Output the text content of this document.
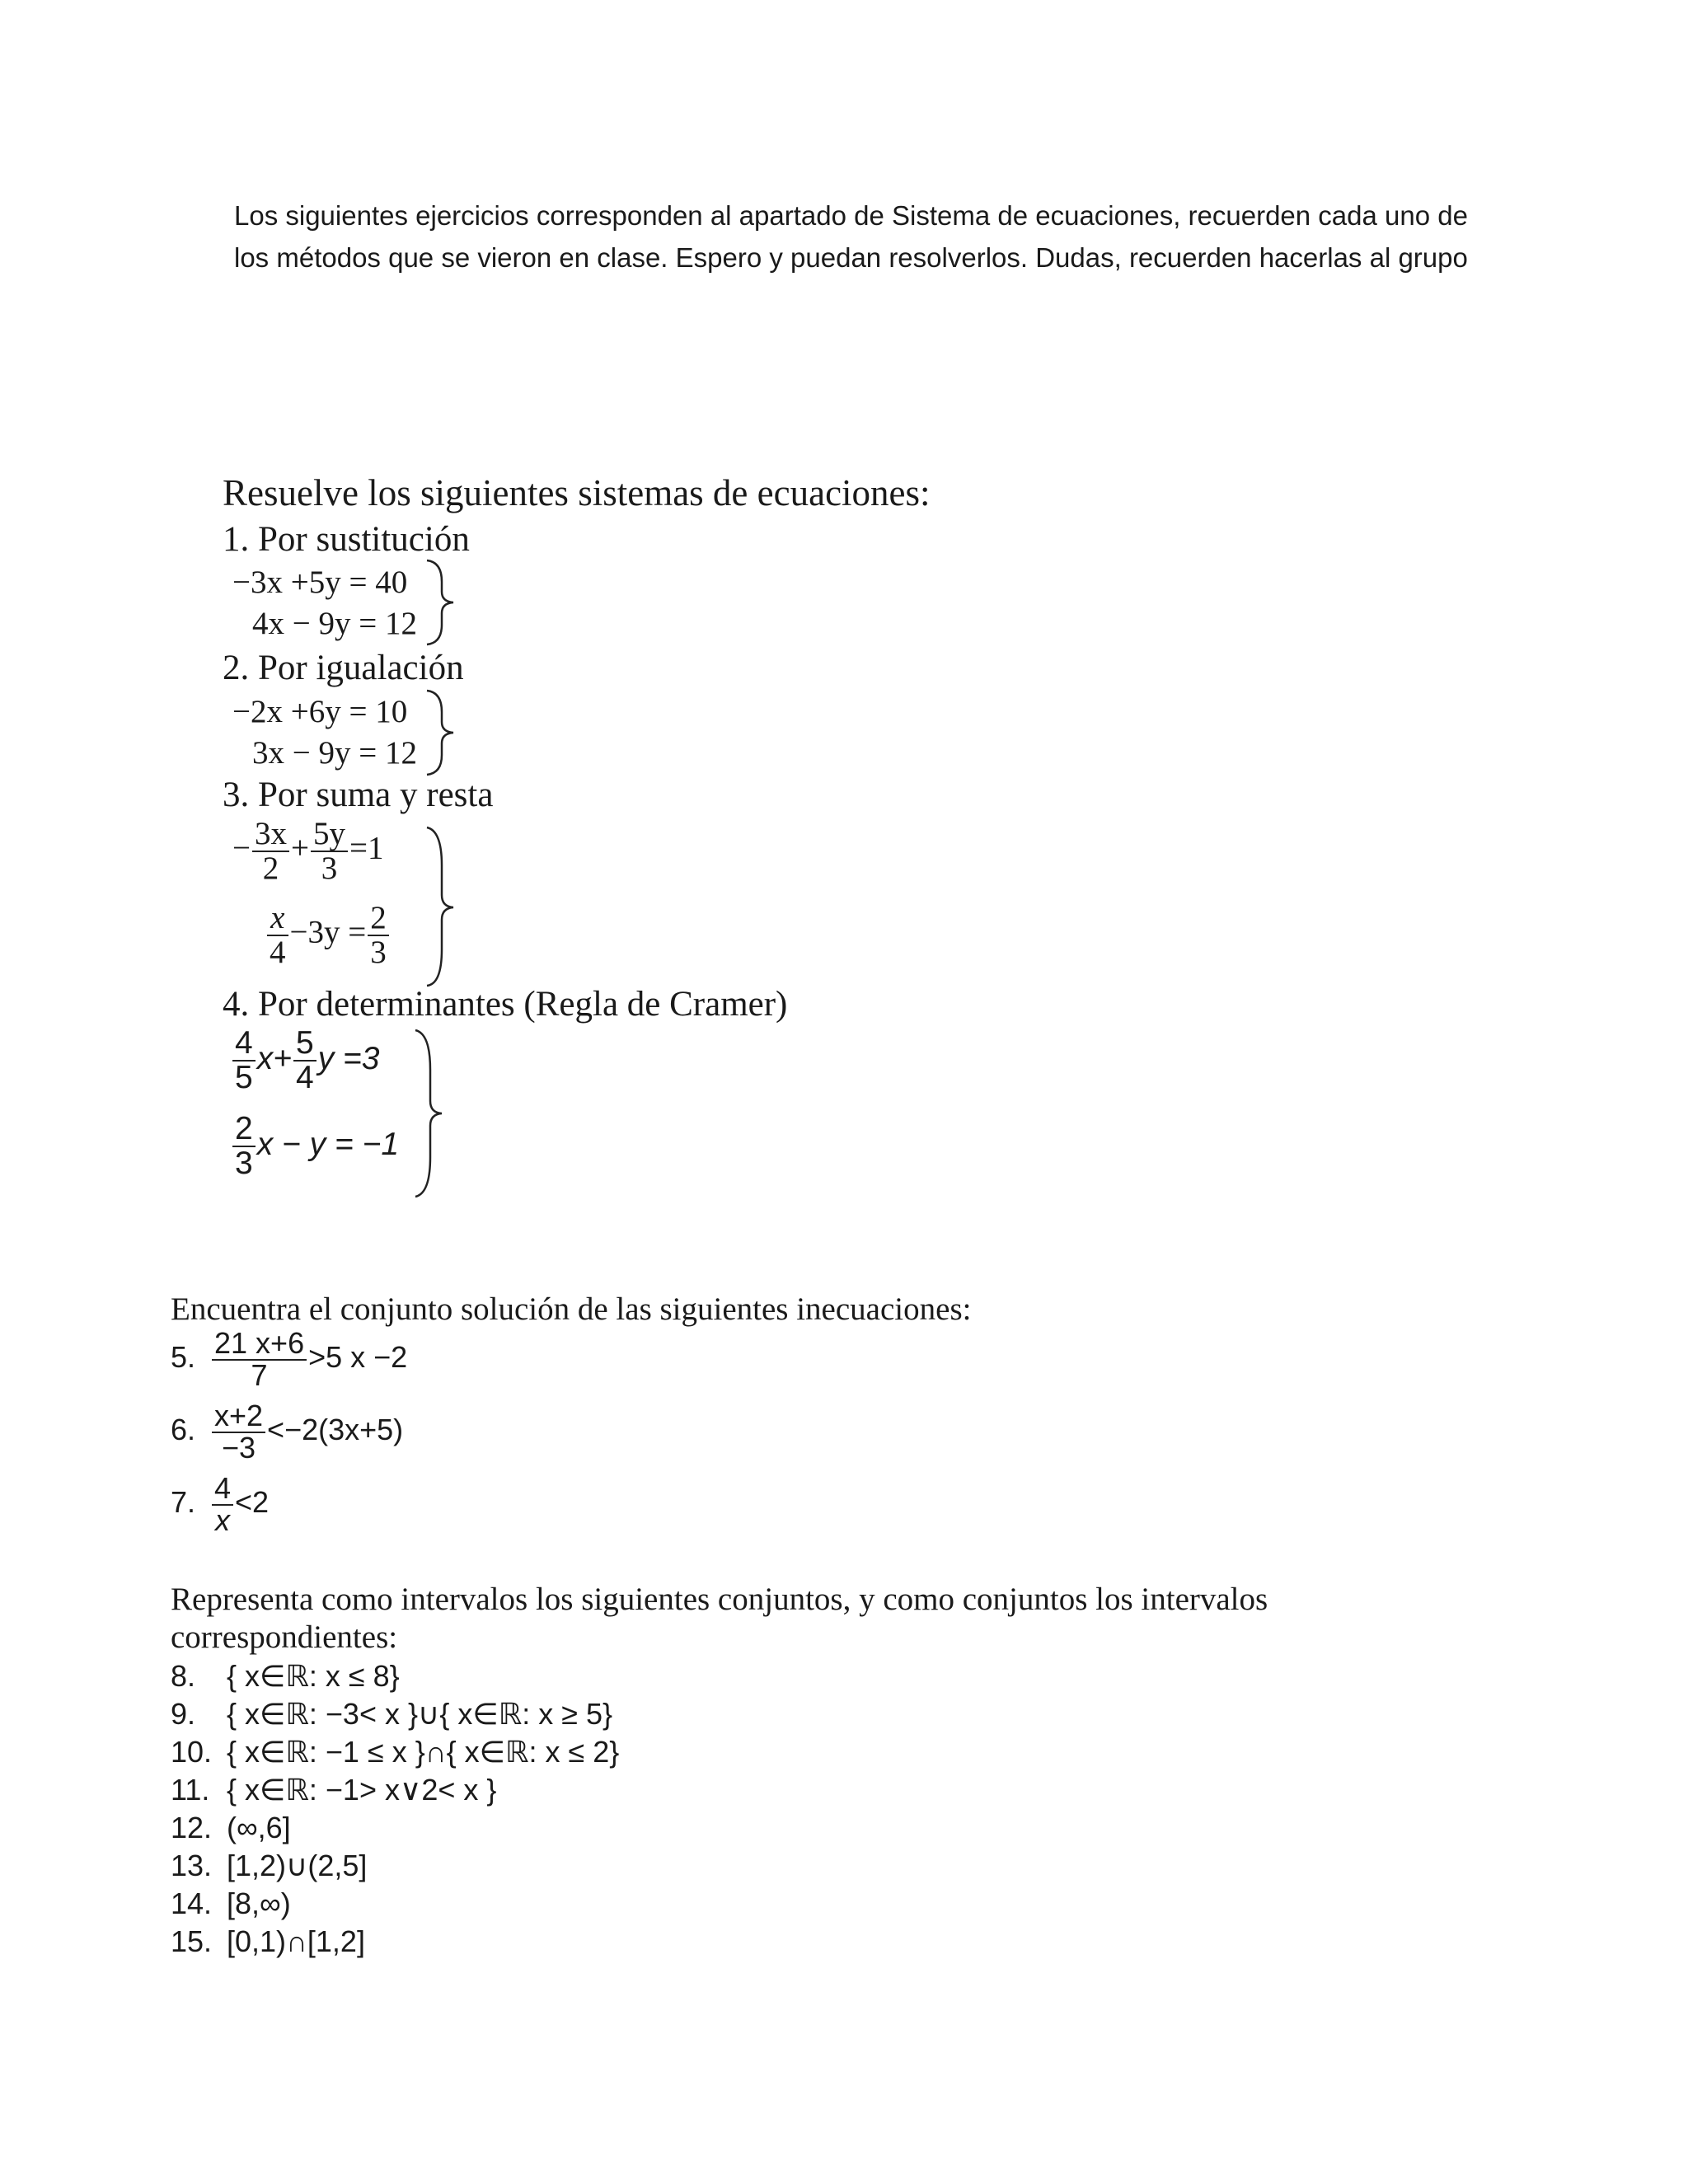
Los siguientes ejercicios corresponden al apartado de Sistema de ecuaciones, recuerden cada uno de los métodos que se vieron en clase. Espero y puedan resolverlos. Dudas, recuerden hacerlas al grupo
Resuelve los siguientes sistemas de ecuaciones:
1. Por sustitución
−3x +5y = 40
4x − 9y = 12
2. Por igualación
−2x +6y = 10
3x − 9y = 12
3. Por suma y resta
− $\frac{3x}{2} + \frac{5y}{3} =1$
$\frac{x}{4} -3y = \frac{2}{3}$
4. Por determinantes (Regla de Cramer)
$\frac{4}{5} x+ \frac{5}{4}$ y =3
$\frac{2}{3}$ x − y = −1
Encuentra el conjunto solución de las siguientes inecuaciones:
5. $\frac{21 x+6}{7} >5$ x −2
6. $\frac{x+2}{-3} <-2(3x+5)$
7. $\frac{4}{x} <2$
Representa como intervalos los siguientes conjuntos, y como conjuntos los intervalos correspondientes:
8. { x∈ℝ: x ≤ 8}
9. { x∈ℝ: −3< x }∪{ x∈ℝ: x ≥ 5}
10. { x∈ℝ: −1 ≤ x }∩{ x∈ℝ: x ≤ 2}
11. { x∈ℝ: −1> x∨2< x }
12. (∞,6]
13. [1,2)∪(2,5]
14. [8,∞)
15. [0,1)∩[1,2]
